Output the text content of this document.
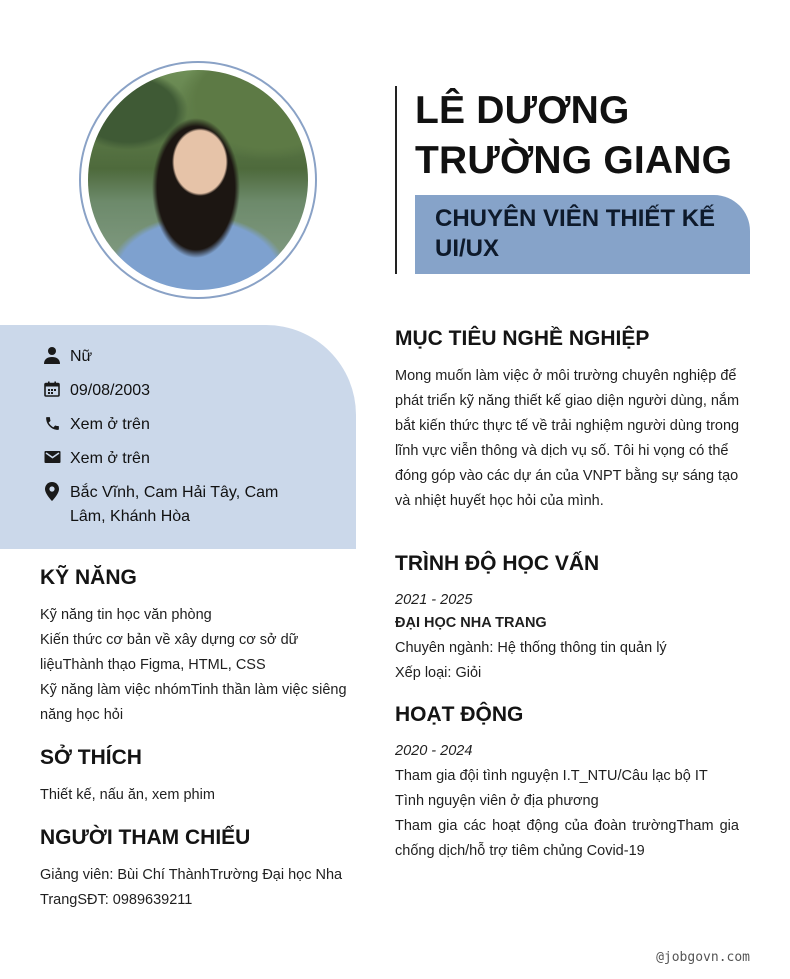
LÊ DƯƠNG
TRƯỜNG GIANG
CHUYÊN VIÊN THIẾT KẾ
UI/UX
Nữ
09/08/2003
Xem ở trên
Xem ở trên
Bắc Vĩnh, Cam Hải Tây, Cam
Lâm, Khánh Hòa
KỸ NĂNG
Kỹ năng tin học văn phòng
Kiến thức cơ bản về xây dựng cơ sở dữ
liệuThành thạo Figma, HTML, CSS
Kỹ năng làm việc nhómTinh thần làm việc siêng
năng học hỏi
SỞ THÍCH
Thiết kế, nấu ăn, xem phim
NGƯỜI THAM CHIẾU
Giảng viên: Bùi Chí ThànhTrường Đại học Nha
TrangSĐT: 0989639211
MỤC TIÊU NGHỀ NGHIỆP
Mong muốn làm việc ở môi trường chuyên nghiệp để
phát triển kỹ năng thiết kế giao diện người dùng, nắm
bắt kiến thức thực tế về trải nghiệm người dùng trong
lĩnh vực viễn thông và dịch vụ số. Tôi hi vọng có thể
đóng góp vào các dự án của VNPT bằng sự sáng tạo
và nhiệt huyết học hỏi của mình.
TRÌNH ĐỘ HỌC VẤN
2021 - 2025
ĐẠI HỌC NHA TRANG
Chuyên ngành: Hệ thống thông tin quản lý
Xếp loại: Giỏi
HOẠT ĐỘNG
2020 - 2024
Tham gia đội tình nguyện I.T_NTU/Câu lạc bộ IT
Tình nguyện viên ở địa phương
Tham gia các hoạt động của đoàn trườngTham gia
chống dịch/hỗ trợ tiêm chủng Covid-19
@jobgovn.com
